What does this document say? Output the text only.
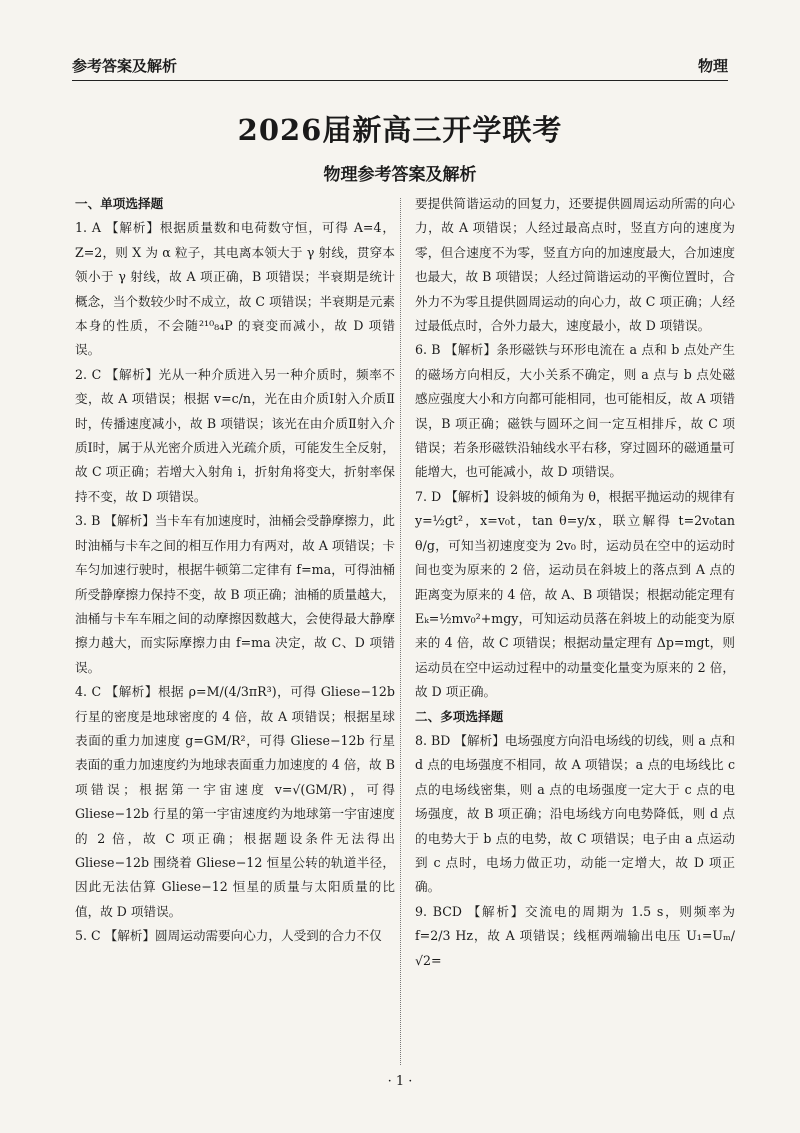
参考答案及解析	物理
2026届新高三开学联考
物理参考答案及解析
一、单项选择题

1. A 【解析】根据质量数和电荷数守恒，可得 A=4，Z=2，则 X 为 α 粒子，其电离本领大于 γ 射线，贯穿本领小于 γ 射线，故 A 项正确，B 项错误；半衰期是统计概念，当个数较少时不成立，故 C 项错误；半衰期是元素本身的性质，不会随²¹⁰₈₄P 的衰变而减小，故 D 项错误。

2. C 【解析】光从一种介质进入另一种介质时，频率不变，故 A 项错误；根据 v=c/n，光在由介质Ⅰ射入介质Ⅱ时，传播速度减小，故 B 项错误；该光在由介质Ⅱ射入介质Ⅰ时，属于从光密介质进入光疏介质，可能发生全反射，故 C 项正确；若增大入射角 i，折射角将变大，折射率保持不变，故 D 项错误。

3. B 【解析】当卡车有加速度时，油桶会受静摩擦力，此时油桶与卡车之间的相互作用力有两对，故 A 项错误；卡车匀加速行驶时，根据牛顿第二定律有 f=ma，可得油桶所受静摩擦力保持不变，故 B 项正确；油桶的质量越大，油桶与卡车车厢之间的动摩擦因数越大，会使得最大静摩擦力越大，而实际摩擦力由 f=ma 决定，故 C、D 项错误。

4. C 【解析】根据 ρ=M/(4/3πR³)，可得 Gliese−12b 行星的密度是地球密度的 4 倍，故 A 项错误；根据星球表面的重力加速度 g=GM/R²，可得 Gliese−12b 行星表面的重力加速度约为地球表面重力加速度的 4 倍，故 B 项错误；根据第一宇宙速度 v=√(GM/R)，可得Gliese−12b 行星的第一宇宙速度约为地球第一宇宙速度的 2 倍，故 C 项正确；根据题设条件无法得出 Gliese−12b 围绕着 Gliese−12 恒星公转的轨道半径，因此无法估算 Gliese−12 恒星的质量与太阳质量的比值，故 D 项错误。

5. C 【解析】圆周运动需要向心力，人受到的合力不仅

要提供简谐运动的回复力，还要提供圆周运动所需的向心力，故 A 项错误；人经过最高点时，竖直方向的速度为零，但合速度不为零，竖直方向的加速度最大，合加速度也最大，故 B 项错误；人经过简谐运动的平衡位置时，合外力不为零且提供圆周运动的向心力，故 C 项正确；人经过最低点时，合外力最大，速度最小，故 D 项错误。

6. B 【解析】条形磁铁与环形电流在 a 点和 b 点处产生的磁场方向相反，大小关系不确定，则 a 点与 b 点处磁感应强度大小和方向都可能相同，也可能相反，故 A 项错误，B 项正确；磁铁与圆环之间一定互相排斥，故 C 项错误；若条形磁铁沿轴线水平右移，穿过圆环的磁通量可能增大，也可能减小，故 D 项错误。

7. D 【解析】设斜坡的倾角为 θ，根据平抛运动的规律有 y=½gt²，x=v₀t，tan θ=y/x，联立解得 t=2v₀tan θ/g，可知当初速度变为 2v₀ 时，运动员在空中的运动时间也变为原来的 2 倍，运动员在斜坡上的落点到 A 点的距离变为原来的 4 倍，故 A、B 项错误；根据动能定理有 Eₖ=½mv₀²+mgy，可知运动员落在斜坡上的动能变为原来的 4 倍，故 C 项错误；根据动量定理有 Δp=mgt，则运动员在空中运动过程中的动量变化量变为原来的 2 倍，故 D 项正确。

二、多项选择题

8. BD 【解析】电场强度方向沿电场线的切线，则 a 点和 d 点的电场强度不相同，故 A 项错误；a 点的电场线比 c 点的电场线密集，则 a 点的电场强度一定大于 c 点的电场强度，故 B 项正确；沿电场线方向电势降低，则 d 点的电势大于 b 点的电势，故 C 项错误；电子由 a 点运动到 c 点时，电场力做正功，动能一定增大，故 D 项正确。

9. BCD 【解析】交流电的周期为 1.5 s，则频率为 f=2/3 Hz，故 A 项错误；线框两端输出电压 U₁=Uₘ/√2=

· 1 ·
